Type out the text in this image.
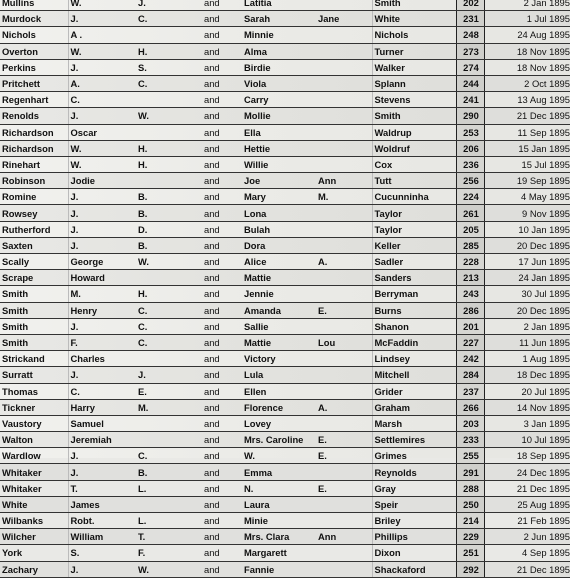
Mullins	W.	J.	and	Latitia		Smith	202	2 Jan 1895
Murdock	J.	C.	and	Sarah	Jane	White	231	1 Jul 1895
Nichols	A .		and	Minnie		Nichols	248	24 Aug 1895
Overton	W.	H.	and	Alma		Turner	273	18 Nov 1895
Perkins	J.	S.	and	Birdie		Walker	274	18 Nov 1895
Pritchett	A.	C.	and	Viola		Splann	244	2 Oct 1895
Regenhart	C.		and	Carry		Stevens	241	13 Aug 1895
Renolds	J.	W.	and	Mollie		Smith	290	21 Dec 1895
Richardson	Oscar		and	Ella		Waldrup	253	11 Sep 1895
Richardson	W.	H.	and	Hettie		Woldruf	206	15 Jan 1895
Rinehart	W.	H.	and	Willie		Cox	236	15 Jul 1895
Robinson	Jodie		and	Joe	Ann	Tutt	256	19 Sep 1895
Romine	J.	B.	and	Mary	M.	Cucunninha	224	4 May 1895
Rowsey	J.	B.	and	Lona		Taylor	261	9 Nov 1895
Rutherford	J.	D.	and	Bulah		Taylor	205	10 Jan 1895
Saxten	J.	B.	and	Dora		Keller	285	20 Dec 1895
Scally	George	W.	and	Alice	A.	Sadler	228	17 Jun 1895
Scrape	Howard		and	Mattie		Sanders	213	24 Jan 1895
Smith	M.	H.	and	Jennie		Berryman	243	30 Jul 1895
Smith	Henry	C.	and	Amanda	E.	Burns	286	20 Dec 1895
Smith	J.	C.	and	Sallie		Shanon	201	2 Jan 1895
Smith	F.	C.	and	Mattie	Lou	McFaddin	227	11 Jun 1895
Strickand	Charles		and	Victory		Lindsey	242	1 Aug 1895
Surratt	J.	J.	and	Lula		Mitchell	284	18 Dec 1895
Thomas	C.	E.	and	Ellen		Grider	237	20 Jul 1895
Tickner	Harry	M.	and	Florence	A.	Graham	266	14 Nov 1895
Vaustory	Samuel		and	Lovey		Marsh	203	3 Jan 1895
Walton	Jeremiah		and	Mrs. Caroline	E.	Settlemires	233	10 Jul 1895
Wardlow	J.	C.	and	W.	E.	Grimes	255	18 Sep 1895
Whitaker	J.	B.	and	Emma		Reynolds	291	24 Dec 1895
Whitaker	T.	L.	and	N.	E.	Gray	288	21 Dec 1895
White	James		and	Laura		Speir	250	25 Aug 1895
Wilbanks	Robt.	L.	and	Minie		Briley	214	21 Feb 1895
Wilcher	William	T.	and	Mrs. Clara	Ann	Phillips	229	2 Jun 1895
York	S.	F.	and	Margarett		Dixon	251	4 Sep 1895
Zachary	J.	W.	and	Fannie		Shackaford	292	21 Dec 1895
